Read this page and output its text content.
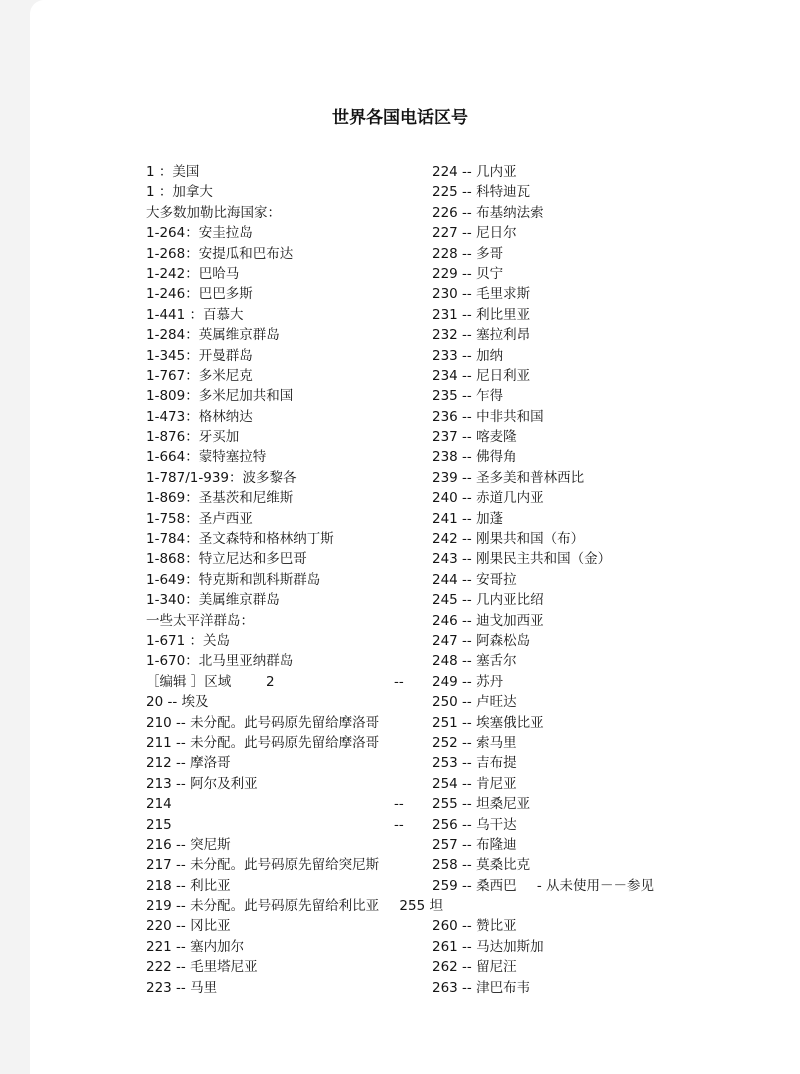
世界各国电话区号
1 ：美国
1 ：加拿大
大多数加勒比海国家：
1-264：安圭拉岛
1-268：安提瓜和巴布达
1-242：巴哈马
1-246：巴巴多斯
1-441 ：百慕大
1-284：英属维京群岛
1-345：开曼群岛
1-767：多米尼克
1-809：多米尼加共和国
1-473：格林纳达
1-876：牙买加
1-664：蒙特塞拉特
1-787/1-939：波多黎各
1-869：圣基茨和尼维斯
1-758：圣卢西亚
1-784：圣文森特和格林纳丁斯
1-868：特立尼达和多巴哥
1-649：特克斯和凯科斯群岛
1-340：美属维京群岛
一些太平洋群岛：
1-671 ：关岛
1-670：北马里亚纳群岛
［编辑 ］区域	2	--
20 -- 埃及
210 -- 未分配。此号码原先留给摩洛哥
211 -- 未分配。此号码原先留给摩洛哥
212 -- 摩洛哥
213 -- 阿尔及利亚
214	--
215	--
216 -- 突尼斯
217 -- 未分配。此号码原先留给突尼斯
218 -- 利比亚
219 -- 未分配。此号码原先留给利比亚 255 坦
220 -- 冈比亚
221 -- 塞内加尔
222 -- 毛里塔尼亚
223 -- 马里
224 -- 几内亚
225 -- 科特迪瓦
226 -- 布基纳法索
227 -- 尼日尔
228 -- 多哥
229 -- 贝宁
230 -- 毛里求斯
231 -- 利比里亚
232 -- 塞拉利昂
233 -- 加纳
234 -- 尼日利亚
235 -- 乍得
236 -- 中非共和国
237 -- 喀麦隆
238 -- 佛得角
239 -- 圣多美和普林西比
240 -- 赤道几内亚
241 -- 加蓬
242 -- 刚果共和国（布）
243 -- 刚果民主共和国（金）
244 -- 安哥拉
245 -- 几内亚比绍
246 -- 迪戈加西亚
247 -- 阿森松岛
248 -- 塞舌尔
249 -- 苏丹
250 -- 卢旺达
251 -- 埃塞俄比亚
252 -- 索马里
253 -- 吉布提
254 -- 肯尼亚
255 -- 坦桑尼亚
256 -- 乌干达
257 -- 布隆迪
258 -- 莫桑比克
259 -- 桑西巴 - 从未使用－－参见
260 -- 赞比亚
261 -- 马达加斯加
262 -- 留尼汪
263 -- 津巴布韦
